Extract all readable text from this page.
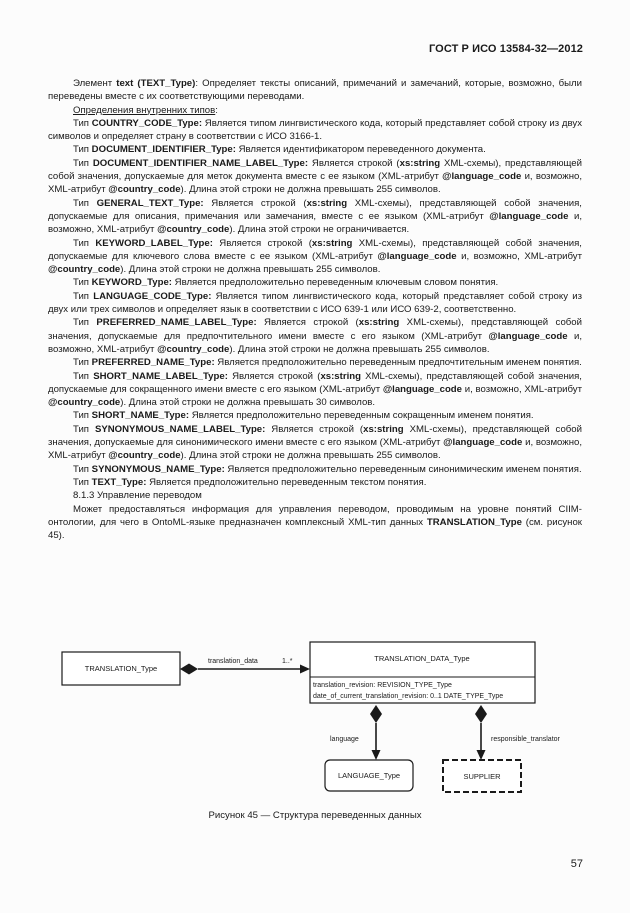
ГОСТ Р ИСО 13584-32—2012

Элемент text (TEXT_Type): Определяет тексты описаний, примечаний и замечаний, которые, возможно, были переведены вместе с их соответствующими переводами.

Определения внутренних типов:

Тип COUNTRY_CODE_Type: Является типом лингвистического кода, который представляет собой строку из двух символов и определяет страну в соответствии с ИСО 3166-1.

Тип DOCUMENT_IDENTIFIER_Type: Является идентификатором переведенного документа.

Тип DOCUMENT_IDENTIFIER_NAME_LABEL_Type: Является строкой (xs:string XML-схемы), представляющей собой значения, допускаемые для меток документа вместе с ее языком (XML-атрибут @language_code и, возможно, XML-атрибут @country_code). Длина этой строки не должна превышать 255 символов.

Тип GENERAL_TEXT_Type: Является строкой (xs:string XML-схемы), представляющей собой значения, допускаемые для описания, примечания или замечания, вместе с ее языком (XML-атрибут @language_code и, возможно, XML-атрибут @country_code). Длина этой строки не ограничивается.

Тип KEYWORD_LABEL_Type: Является строкой (xs:string XML-схемы), представляющей собой значения, допускаемые для ключевого слова вместе с ее языком (XML-атрибут @language_code и, возможно, XML-атрибут @country_code). Длина этой строки не должна превышать 255 символов.

Тип KEYWORD_Type: Является предположительно переведенным ключевым словом понятия.

Тип LANGUAGE_CODE_Type: Является типом лингвистического кода, который представляет собой строку из двух или трех символов и определяет язык в соответствии с ИСО 639-1 или ИСО 639-2, соответственно.

Тип PREFERRED_NAME_LABEL_Type: Является строкой (xs:string XML-схемы), представляющей собой значения, допускаемые для предпочтительного имени вместе с его языком (XML-атрибут @language_code и, возможно, XML-атрибут @country_code). Длина этой строки не должна превышать 255 символов.

Тип PREFERRED_NAME_Type: Является предположительно переведенным предпочтительным именем понятия.

Тип SHORT_NAME_LABEL_Type: Является строкой (xs:string XML-схемы), представляющей собой значения, допускаемые для сокращенного имени вместе с его языком (XML-атрибут @language_code и, возможно, XML-атрибут @country_code). Длина этой строки не должна превышать 30 символов.

Тип SHORT_NAME_Type: Является предположительно переведенным сокращенным именем понятия.

Тип SYNONYMOUS_NAME_LABEL_Type: Является строкой (xs:string XML-схемы), представляющей собой значения, допускаемые для синонимического имени вместе с его языком (XML-атрибут @language_code и, возможно, XML-атрибут @country_code). Длина этой строки не должна превышать 255 символов.

Тип SYNONYMOUS_NAME_Type: Является предположительно переведенным синонимическим именем понятия.

Тип TEXT_Type: Является предположительно переведенным текстом понятия.

8.1.3 Управление переводом

Может предоставляться информация для управления переводом, проводимым на уровне понятий CIIM-онтологии, для чего в OntoML-языке предназначен комплексный XML-тип данных TRANSLATION_Type (см. рисунок 45).

TRANSLATION_Type
translation_data	1..*	TRANSLATION_DATA_Type
translation_revision: REVISION_TYPE_Type
date_of_current_translation_revision: 0..1 DATE_TYPE_Type
language	responsible_translator
LANGUAGE_Type	SUPPLIER
Рисунок 45 — Структура переведенных данных
57
